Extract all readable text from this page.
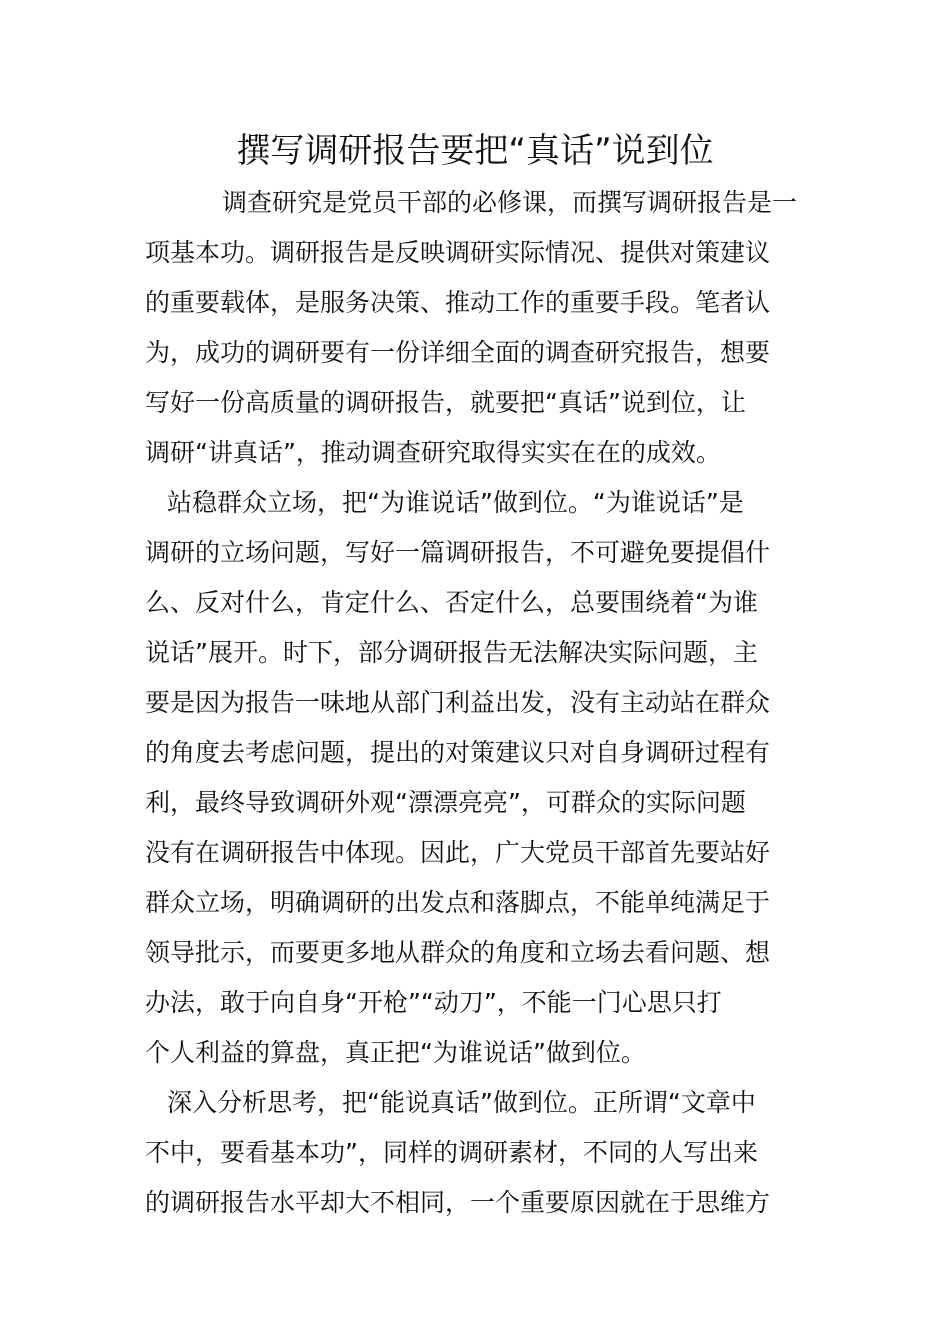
撰写调研报告要把“真话”说到位
调查研究是党员干部的必修课，而撰写调研报告是一
项基本功。调研报告是反映调研实际情况、提供对策建议
的重要载体，是服务决策、推动工作的重要手段。笔者认
为，成功的调研要有一份详细全面的调查研究报告，想要
写好一份高质量的调研报告，就要把“真话”说到位，让
调研“讲真话”，推动调查研究取得实实在在的成效。
站稳群众立场，把“为谁说话”做到位。“为谁说话”是
调研的立场问题，写好一篇调研报告，不可避免要提倡什
么、反对什么，肯定什么、否定什么，总要围绕着“为谁
说话”展开。时下，部分调研报告无法解决实际问题，主
要是因为报告一味地从部门利益出发，没有主动站在群众
的角度去考虑问题，提出的对策建议只对自身调研过程有
利，最终导致调研外观“漂漂亮亮”，可群众的实际问题
没有在调研报告中体现。因此，广大党员干部首先要站好
群众立场，明确调研的出发点和落脚点，不能单纯满足于
领导批示，而要更多地从群众的角度和立场去看问题、想
办法，敢于向自身“开枪”“动刀”，不能一门心思只打
个人利益的算盘，真正把“为谁说话”做到位。
深入分析思考，把“能说真话”做到位。正所谓“文章中
不中，要看基本功”，同样的调研素材，不同的人写出来
的调研报告水平却大不相同，一个重要原因就在于思维方
